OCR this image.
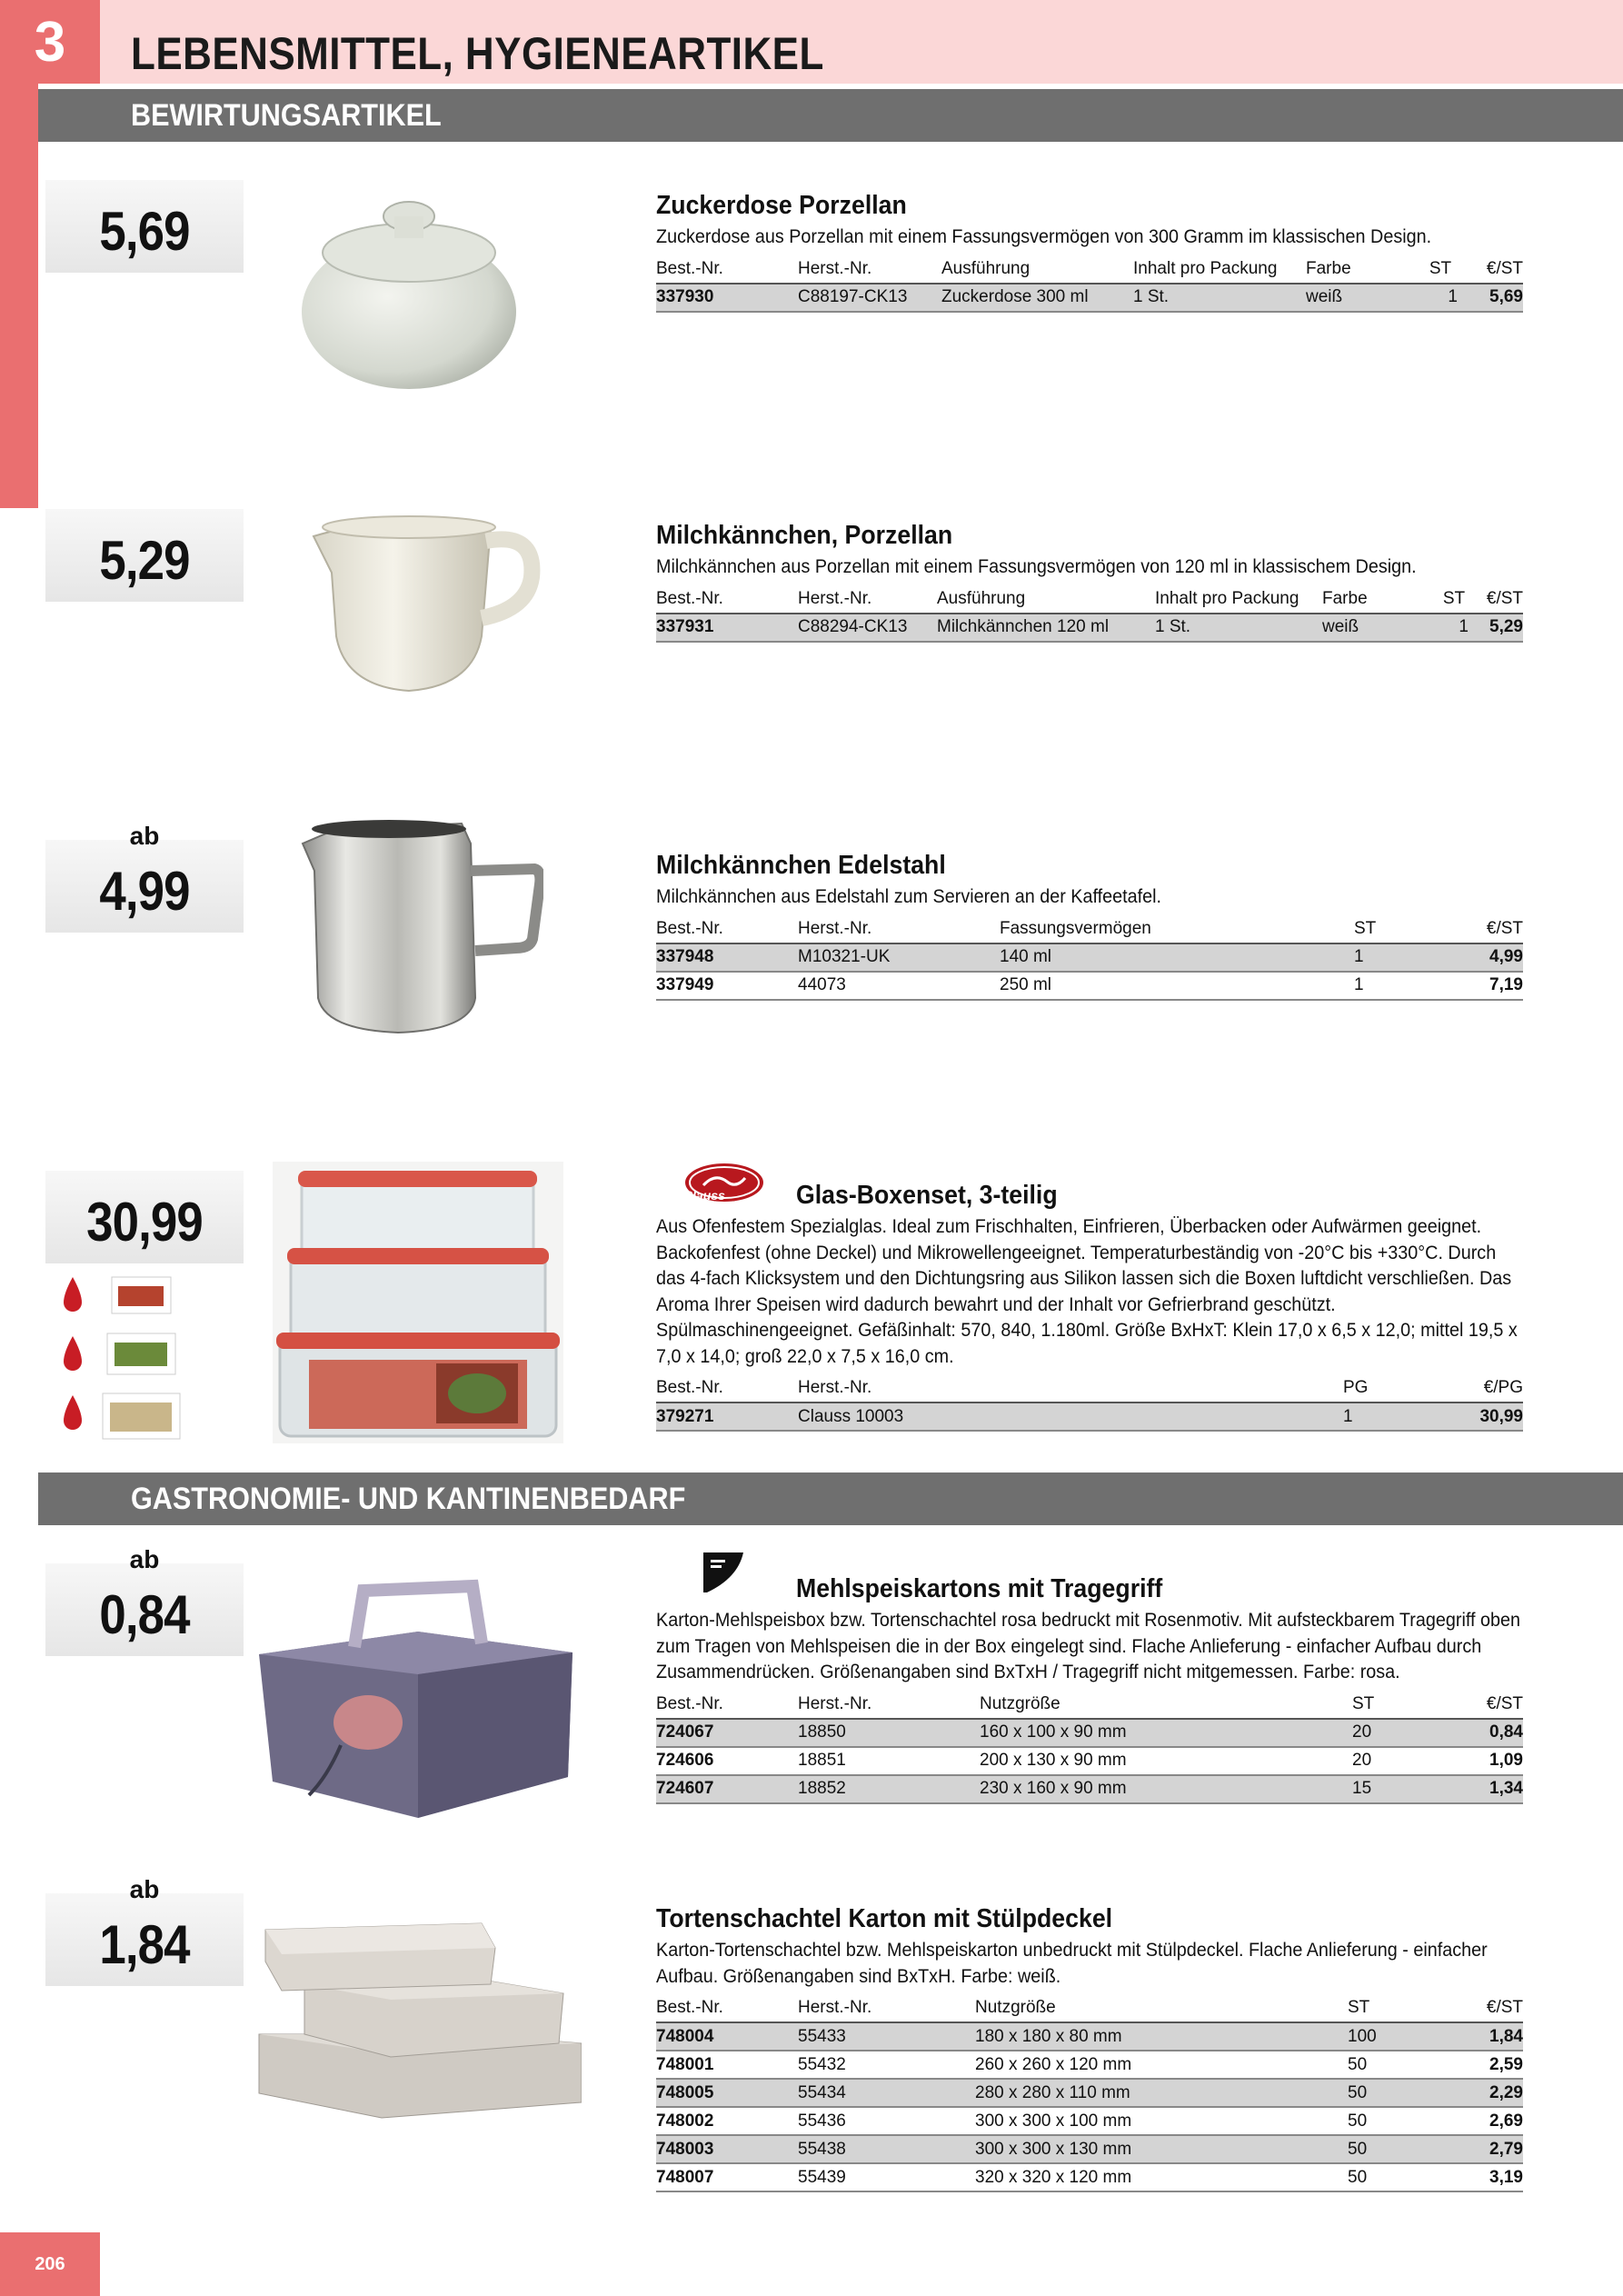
3 LEBENSMITTEL, HYGIENEARTIKEL
BEWIRTUNGSARTIKEL
GASTRONOMIE- UND KANTINENBEDARF
5,69
5,29
ab
4,99
30,99
ab
0,84
ab
1,84
Zuckerdose Porzellan
Zuckerdose aus Porzellan mit einem Fassungsvermögen von 300 Gramm im klassischen Design.
Best.-Nr.	Herst.-Nr.	Ausführung	Inhalt pro Packung	Farbe	ST	€/ST
337930	C88197-CK13	Zuckerdose 300 ml	1 St.	weiß	1	5,69
Milchkännchen, Porzellan
Milchkännchen aus Porzellan mit einem Fassungsvermögen von 120 ml in klassischem Design.
Best.-Nr.	Herst.-Nr.	Ausführung	Inhalt pro Packung	Farbe	ST	€/ST
337931	C88294-CK13	Milchkännchen 120 ml	1 St.	weiß	1	5,29
Milchkännchen Edelstahl
Milchkännchen aus Edelstahl zum Servieren an der Kaffeetafel.
Best.-Nr.	Herst.-Nr.	Fassungsvermögen	ST	€/ST
337948	M10321-UK	140 ml	1	4,99
337949	44073	250 ml	1	7,19
Glas-Boxenset, 3-teilig
Clauss
Aus Ofenfestem Spezialglas. Ideal zum Frischhalten, Einfrieren, Überbacken oder Aufwärmen geeignet. Backofenfest (ohne Deckel) und Mikrowellengeeignet. Temperaturbeständig von -20°C bis +330°C. Durch das 4-fach Klicksystem und den Dichtungsring aus Silikon lassen sich die Boxen luftdicht verschließen. Das Aroma Ihrer Speisen wird dadurch bewahrt und der Inhalt vor Gefrierbrand geschützt. Spülmaschinengeeignet. Gefäßinhalt: 570, 840, 1.180ml. Größe BxHxT: Klein 17,0 x 6,5 x 12,0; mittel 19,5 x 7,0 x 14,0; groß 22,0 x 7,5 x 16,0 cm.
Best.-Nr.	Herst.-Nr.	PG	€/PG
379271	Clauss 10003	1	30,99
Mehlspeiskartons mit Tragegriff
Karton-Mehlspeisbox bzw. Tortenschachtel rosa bedruckt mit Rosenmotiv. Mit aufsteckbarem Tragegriff oben zum Tragen von Mehlspeisen die in der Box eingelegt sind. Flache Anlieferung - einfacher Aufbau durch Zusammendrücken. Größenangaben sind BxTxH / Tragegriff nicht mitgemessen. Farbe: rosa.
Best.-Nr.	Herst.-Nr.	Nutzgröße	ST	€/ST
724067	18850	160 x 100 x 90 mm	20	0,84
724606	18851	200 x 130 x 90 mm	20	1,09
724607	18852	230 x 160 x 90 mm	15	1,34
Tortenschachtel Karton mit Stülpdeckel
Karton-Tortenschachtel bzw. Mehlspeiskarton unbedruckt mit Stülpdeckel. Flache Anlieferung - einfacher Aufbau. Größenangaben sind BxTxH. Farbe: weiß.
Best.-Nr.	Herst.-Nr.	Nutzgröße	ST	€/ST
748004	55433	180 x 180 x 80 mm	100	1,84
748001	55432	260 x 260 x 120 mm	50	2,59
748005	55434	280 x 280 x 110 mm	50	2,29
748002	55436	300 x 300 x 100 mm	50	2,69
748003	55438	300 x 300 x 130 mm	50	2,79
748007	55439	320 x 320 x 120 mm	50	3,19
206
